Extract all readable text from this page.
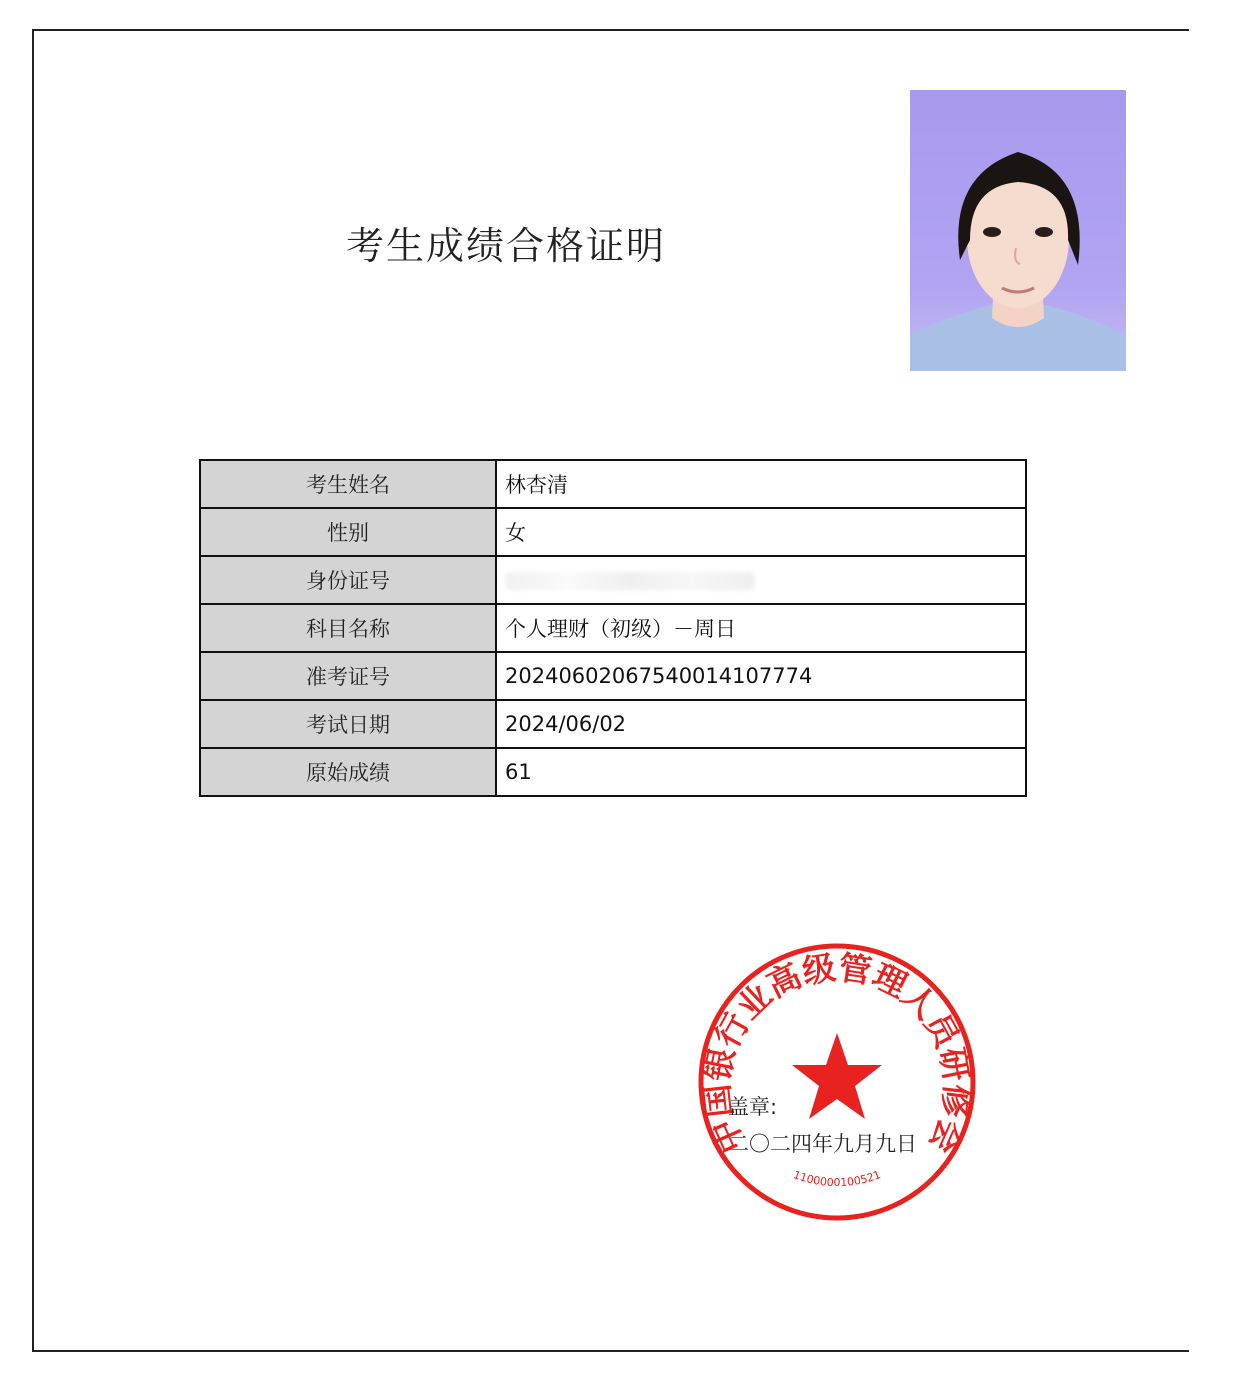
考生成绩合格证明
考生姓名	林杏清
性别	女
身份证号	
科目名称	个人理财（初级）－周日
准考证号	20240602067540014107774
考试日期	2024/06/02
原始成绩	61
中国银行业高级管理人员研修会
1100000100521
盖章:
二〇二四年九月九日
